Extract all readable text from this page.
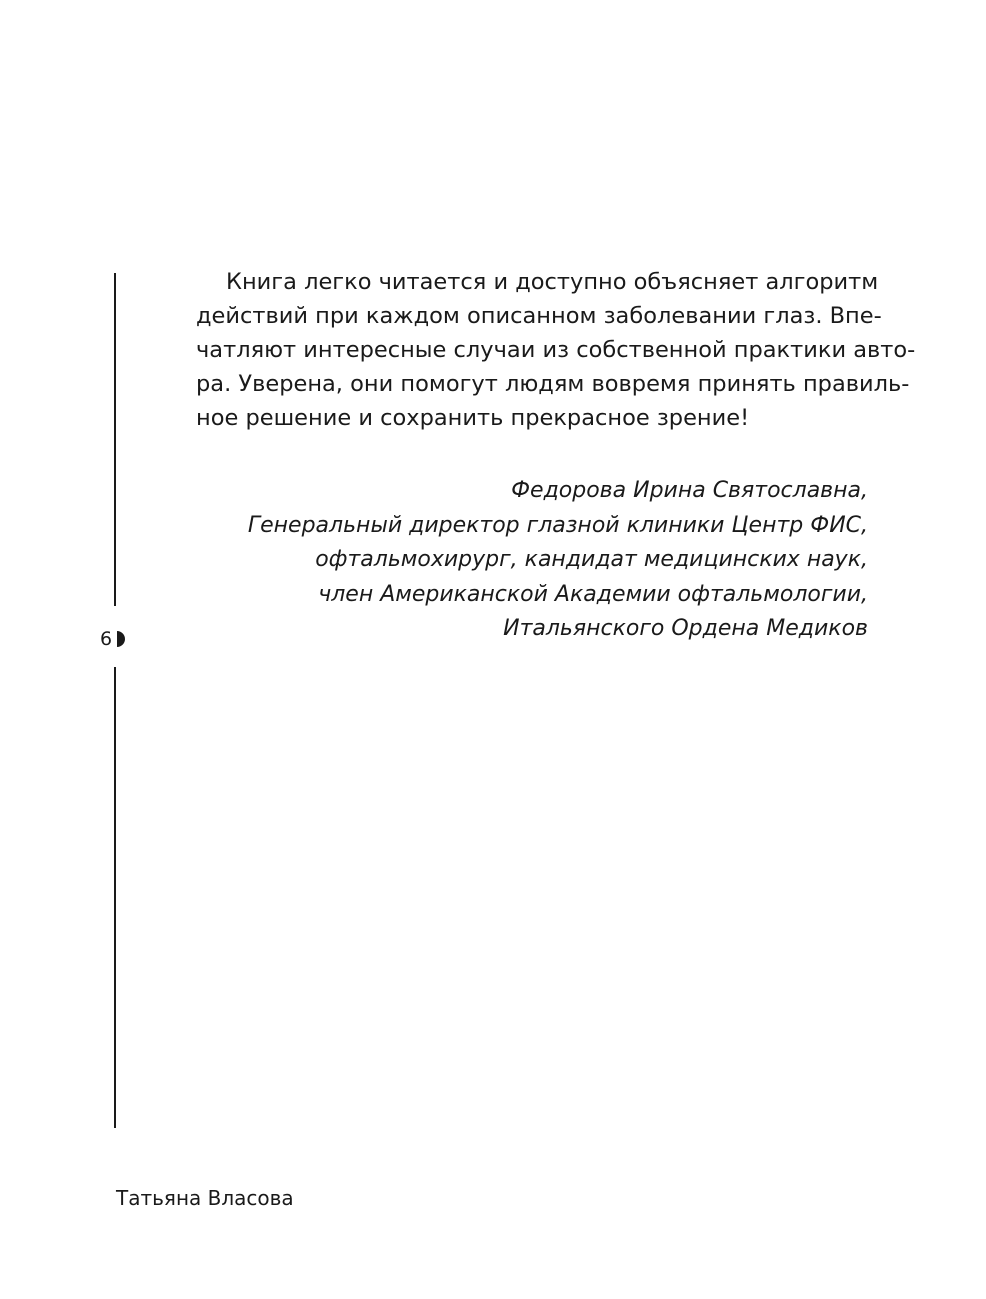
6

Книга легко читается и доступно объясняет алгоритм
действий при каждом описанном заболевании глаз. Впе-
чатляют интересные случаи из собственной практики авто-
ра. Уверена, они помогут людям вовремя принять правиль-
ное решение и сохранить прекрасное зрение!

Федорова Ирина Святославна,
Генеральный директор глазной клиники Центр ФИС,
офтальмохирург, кандидат медицинских наук,
член Американской Академии офтальмологии,
Итальянского Ордена Медиков
Татьяна Власова
